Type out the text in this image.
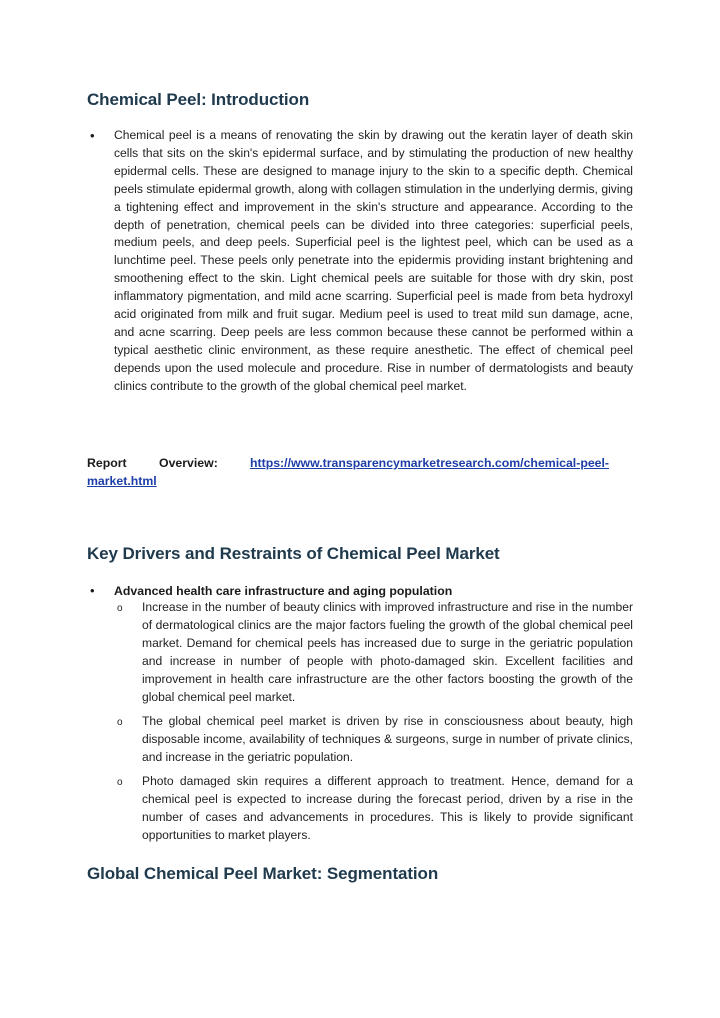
Chemical Peel: Introduction
• Chemical peel is a means of renovating the skin by drawing out the keratin layer of death skin cells that sits on the skin's epidermal surface, and by stimulating the production of new healthy epidermal cells. These are designed to manage injury to the skin to a specific depth. Chemical peels stimulate epidermal growth, along with collagen stimulation in the underlying dermis, giving a tightening effect and improvement in the skin's structure and appearance. According to the depth of penetration, chemical peels can be divided into three categories: superficial peels, medium peels, and deep peels. Superficial peel is the lightest peel, which can be used as a lunchtime peel. These peels only penetrate into the epidermis providing instant brightening and smoothening effect to the skin. Light chemical peels are suitable for those with dry skin, post inflammatory pigmentation, and mild acne scarring. Superficial peel is made from beta hydroxyl acid originated from milk and fruit sugar. Medium peel is used to treat mild sun damage, acne, and acne scarring. Deep peels are less common because these cannot be performed within a typical aesthetic clinic environment, as these require anesthetic. The effect of chemical peel depends upon the used molecule and procedure. Rise in number of dermatologists and beauty clinics contribute to the growth of the global chemical peel market.

Report	Overview:	https://www.transparencymarketresearch.com/chemical-peel-
market.html
Key Drivers and Restraints of Chemical Peel Market
• Advanced health care infrastructure and aging population

o Increase in the number of beauty clinics with improved infrastructure and rise in the number of dermatological clinics are the major factors fueling the growth of the global chemical peel market. Demand for chemical peels has increased due to surge in the geriatric population and increase in number of people with photo-damaged skin. Excellent facilities and improvement in health care infrastructure are the other factors boosting the growth of the global chemical peel market.

o The global chemical peel market is driven by rise in consciousness about beauty, high disposable income, availability of techniques & surgeons, surge in number of private clinics, and increase in the geriatric population.

o Photo damaged skin requires a different approach to treatment. Hence, demand for a chemical peel is expected to increase during the forecast period, driven by a rise in the number of cases and advancements in procedures. This is likely to provide significant opportunities to market players.

Global Chemical Peel Market: Segmentation
